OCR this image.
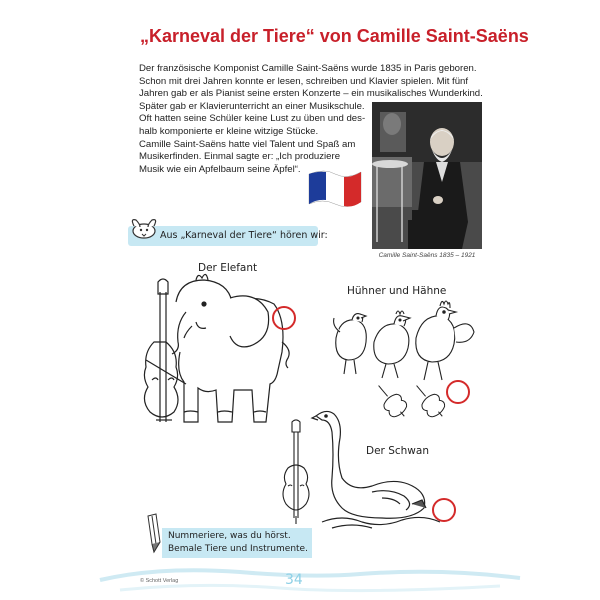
„Karneval der Tiere“ von Camille Saint-Saëns
Der französische Komponist Camille Saint-Saëns wurde 1835 in Paris geboren.
Schon mit drei Jahren konnte er lesen, schreiben und Klavier spielen. Mit fünf
Jahren gab er als Pianist seine ersten Konzerte – ein musikalisches Wunderkind.
Später gab er Klavierunterricht an einer Musikschule.
Oft hatten seine Schüler keine Lust zu üben und des-
halb komponierte er kleine witzige Stücke.
Camille Saint-Saëns hatte viel Talent und Spaß am
Musikerfinden. Einmal sagte er: „Ich produziere
Musik wie ein Apfelbaum seine Äpfel“.
Camille Saint-Saëns 1835 – 1921
Aus „Karneval der Tiere“ hören wir:
Der Elefant
Hühner und Hähne
Der Schwan
Nummeriere, was du hörst.
Bemale Tiere und Instrumente.
34
© Schott Verlag
